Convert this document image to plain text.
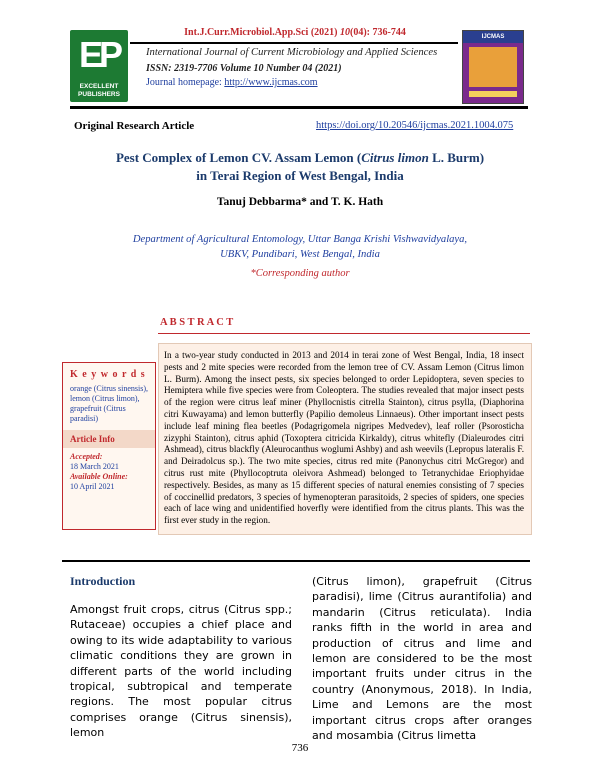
EP
EXCELLENT PUBLISHERS
IJCMAS
Int.J.Curr.Microbiol.App.Sci (2021) 10(04): 736-744
International Journal of Current Microbiology and Applied Sciences
ISSN: 2319-7706 Volume 10 Number 04 (2021)
Journal homepage: http://www.ijcmas.com
Original Research Article	https://doi.org/10.20546/ijcmas.2021.1004.075
Pest Complex of Lemon CV. Assam Lemon (Citrus limon L. Burm)
in Terai Region of West Bengal, India
Tanuj Debbarma* and T. K. Hath
Department of Agricultural Entomology, Uttar Banga Krishi Vishwavidyalaya,
UBKV, Pundibari, West Bengal, India
*Corresponding author
A B S T R A C T
In a two-year study conducted in 2013 and 2014 in terai zone of West Bengal, India, 18 insect pests and 2 mite species were recorded from the lemon tree of CV. Assam Lemon (Citrus limon L. Burm). Among the insect pests, six species belonged to order Lepidoptera, seven species to Hemiptera while five species were from Coleoptera. The studies revealed that major insect pests of the region were citrus leaf miner (Phyllocnistis citrella Stainton), citrus psylla, (Diaphorina citri Kuwayama) and lemon butterfly (Papilio demoleus Linnaeus). Other important insect pests include leaf mining flea beetles (Podagrigomela nigripes Medvedev), leaf roller (Psorosticha zizyphi Stainton), citrus aphid (Toxoptera citricida Kirkaldy), citrus whitefly (Dialeurodes citri Ashmead), citrus blackfly (Aleurocanthus woglumi Ashby) and ash weevils (Lepropus lateralis F. and Deiradolcus sp.). The two mite species, citrus red mite (Panonychus citri McGregor) and citrus rust mite (Phyllocoptruta oleivora Ashmead) belonged to Tetranychidae Eriophyidae respectively. Besides, as many as 15 different species of natural enemies consisting of 7 species of coccinellid predators, 3 species of hymenopteran parasitoids, 2 species of spiders, one species each of lace wing and unidentified hoverfly were identified from the citrus plants. This was the first ever study in the region.
K e y w o r d s
orange (Citrus sinensis), lemon (Citrus limon), grapefruit (Citrus paradisi)
Article Info
Accepted:
18 March 2021
Available Online:
10 April 2021
Introduction
Amongst fruit crops, citrus (Citrus spp.; Rutaceae) occupies a chief place and owing to its wide adaptability to various climatic conditions they are grown in different parts of the world including tropical, subtropical and temperate regions. The most popular citrus comprises orange (Citrus sinensis), lemon
(Citrus limon), grapefruit (Citrus paradisi), lime (Citrus aurantifolia) and mandarin (Citrus reticulata). India ranks fifth in the world in area and production of citrus and lime and lemon are considered to be the most important fruits under citrus in the country (Anonymous, 2018). In India, Lime and Lemons are the most important citrus crops after oranges and mosambia (Citrus limetta
736
